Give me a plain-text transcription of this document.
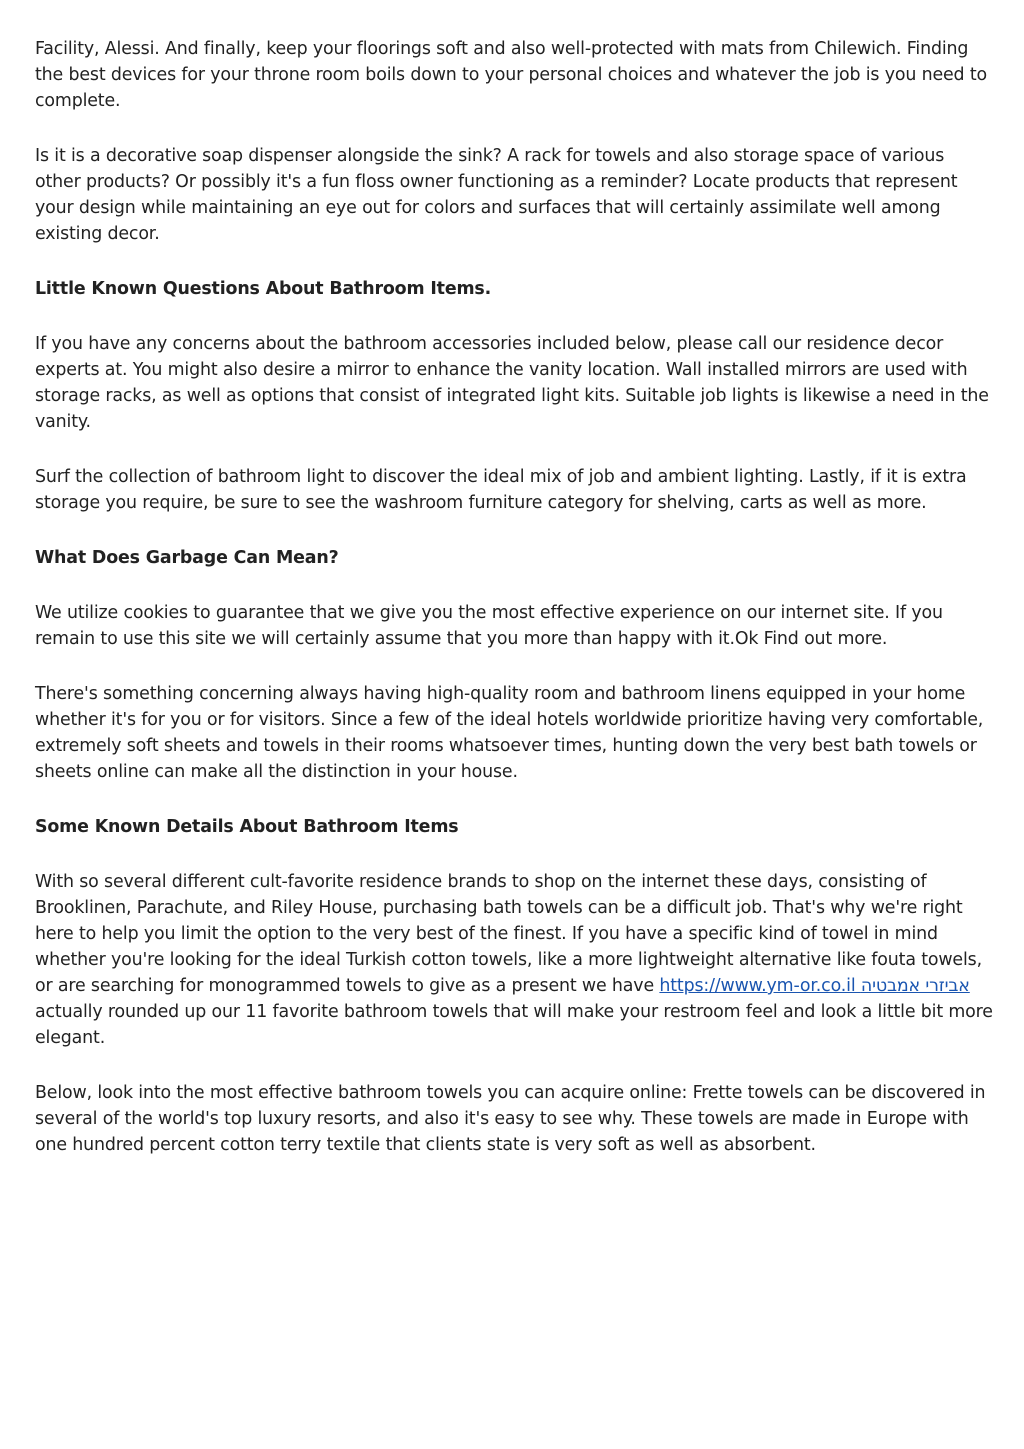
Facility, Alessi. And finally, keep your floorings soft and also well-protected with mats from Chilewich. Finding the best devices for your throne room boils down to your personal choices and whatever the job is you need to complete.

Is it is a decorative soap dispenser alongside the sink? A rack for towels and also storage space of various other products? Or possibly it's a fun floss owner functioning as a reminder? Locate products that represent your design while maintaining an eye out for colors and surfaces that will certainly assimilate well among existing decor.

Little Known Questions About Bathroom Items.

If you have any concerns about the bathroom accessories included below, please call our residence decor experts at. You might also desire a mirror to enhance the vanity location. Wall installed mirrors are used with storage racks, as well as options that consist of integrated light kits. Suitable job lights is likewise a need in the vanity.

Surf the collection of bathroom light to discover the ideal mix of job and ambient lighting. Lastly, if it is extra storage you require, be sure to see the washroom furniture category for shelving, carts as well as more.

What Does Garbage Can Mean?

We utilize cookies to guarantee that we give you the most effective experience on our internet site. If you remain to use this site we will certainly assume that you more than happy with it.Ok Find out more.

There's something concerning always having high-quality room and bathroom linens equipped in your home whether it's for you or for visitors. Since a few of the ideal hotels worldwide prioritize having very comfortable, extremely soft sheets and towels in their rooms whatsoever times, hunting down the very best bath towels or sheets online can make all the distinction in your house.

Some Known Details About Bathroom Items

With so several different cult-favorite residence brands to shop on the internet these days, consisting of Brooklinen, Parachute, and Riley House, purchasing bath towels can be a difficult job. That's why we're right here to help you limit the option to the very best of the finest. If you have a specific kind of towel in mind whether you're looking for the ideal Turkish cotton towels, like a more lightweight alternative like fouta towels, or are searching for monogrammed towels to give as a present we have https://www.ym-or.co.il אביזרי אמבטיה actually rounded up our 11 favorite bathroom towels that will make your restroom feel and look a little bit more elegant.

Below, look into the most effective bathroom towels you can acquire online: Frette towels can be discovered in several of the world's top luxury resorts, and also it's easy to see why. These towels are made in Europe with one hundred percent cotton terry textile that clients state is very soft as well as absorbent.
